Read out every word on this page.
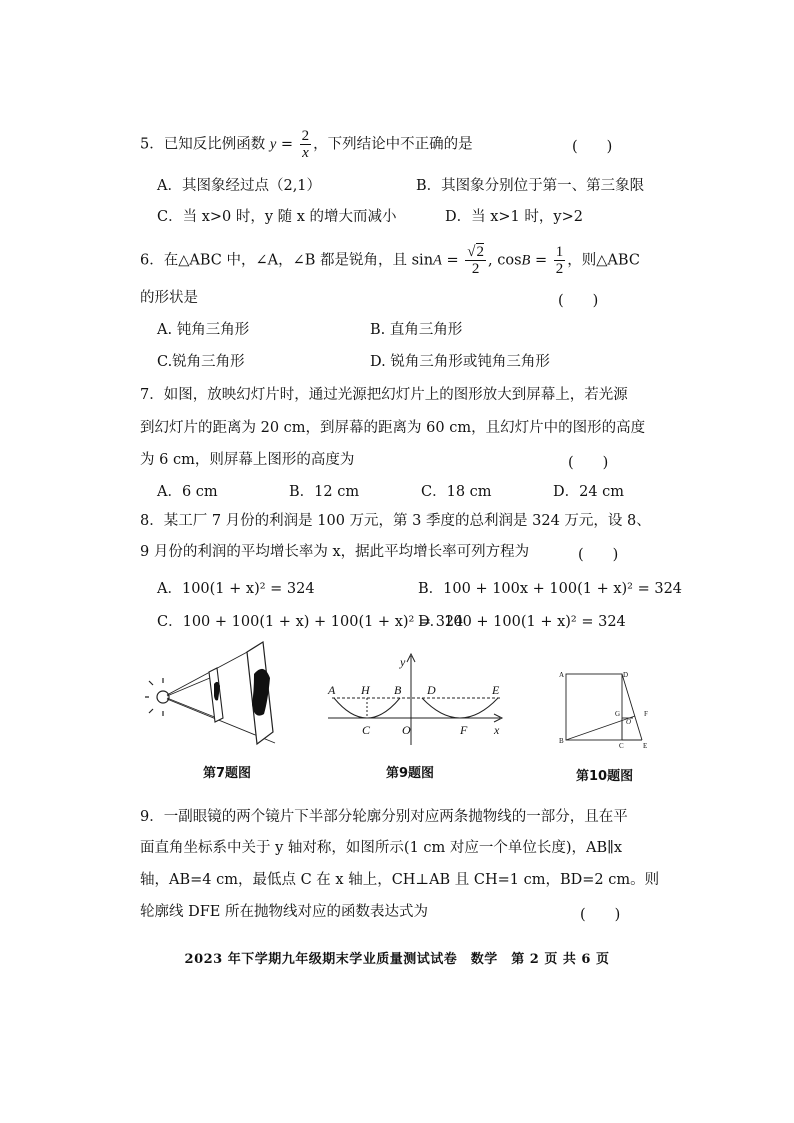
5．已知反比例函数 $y = \frac{2}{x}$ ，下列结论中不正确的是	(　　)
A．其图象经过点（2,1）	B．其图象分别位于第一、第三象限
C．当 x>0 时，y 随 x 的增大而减小	D．当 x>1 时，y>2
6．在△ABC 中，∠A，∠B 都是锐角，且 $\sin A = \frac{√2}{2}$ , $\cos B = \frac{1}{2}$ ，则△ABC
的形状是	(　　)
A. 钝角三角形	B. 直角三角形
C.锐角三角形	D. 锐角三角形或钝角三角形
7．如图，放映幻灯片时，通过光源把幻灯片上的图形放大到屏幕上，若光源
到幻灯片的距离为 20 cm，到屏幕的距离为 60 cm，且幻灯片中的图形的高度
为 6 cm，则屏幕上图形的高度为	(　　)
A．6 cm	B．12 cm	C．18 cm	D．24 cm
8．某工厂 7 月份的利润是 100 万元，第 3 季度的总利润是 324 万元，设 8、
9 月份的利润的平均增长率为 x，据此平均增长率可列方程为	(　　)
A．100(1 + x)² = 324	B．100 + 100x + 100(1 + x)² = 324
C．100 + 100(1 + x) + 100(1 + x)² = 324
D．100 + 100(1 + x)² = 324
第7题图
A H B D	E
C	O	F x
y
第9题图
A	D
G
O
F
B
C	E
第10题图
9．一副眼镜的两个镜片下半部分轮廓分别对应两条抛物线的一部分，且在平
面直角坐标系中关于 y 轴对称，如图所示(1 cm 对应一个单位长度)，AB∥x
轴，AB=4 cm，最低点 C 在 x 轴上，CH⊥AB 且 CH=1 cm，BD=2 cm。则
轮廓线 DFE 所在抛物线对应的函数表达式为	(　　)
2023 年下学期九年级期末学业质量测试试卷　数学　第 2 页 共 6 页
